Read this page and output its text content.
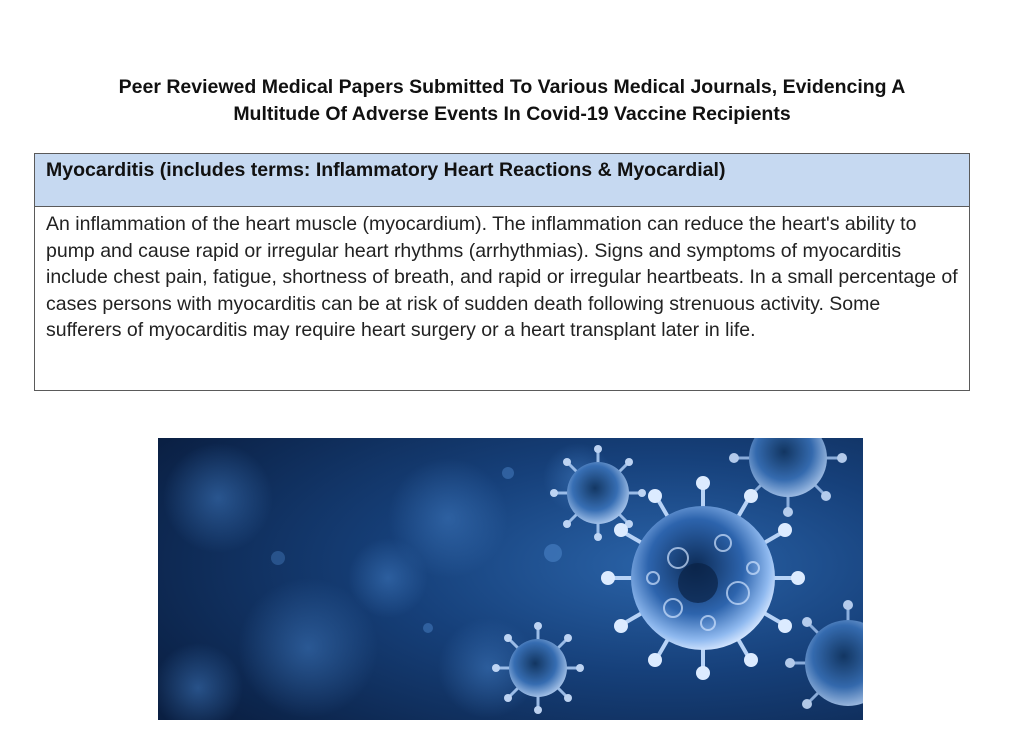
Peer Reviewed Medical Papers Submitted To Various Medical Journals, Evidencing A
Multitude Of Adverse Events In Covid-19 Vaccine Recipients
Myocarditis (includes terms: Inflammatory Heart Reactions & Myocardial)

An inflammation of the heart muscle (myocardium). The inflammation can reduce the heart's ability to pump and cause rapid or irregular heart rhythms (arrhythmias). Signs and symptoms of myocarditis include chest pain, fatigue, shortness of breath, and rapid or irregular heartbeats. In a small percentage of cases persons with myocarditis can be at risk of sudden death following strenuous activity. Some sufferers of myocarditis may require heart surgery or a heart transplant later in life.
